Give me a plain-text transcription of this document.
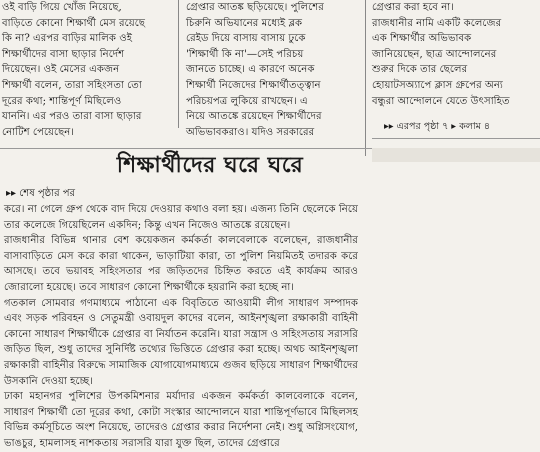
ওই বাড়ি গিয়ে খোঁজ নিয়েছে,

বাড়িতে কোনো শিক্ষার্থী মেস রয়েছে

কি না? এরপর বাড়ির মালিক ওই

শিক্ষার্থীদের বাসা ছাড়ার নির্দেশ

দিয়েছেন। ওই মেসের একজন

শিক্ষার্থী বলেন, তারা সহিংসতা তো

দূরের কথা; শান্তিপূর্ণ মিছিলেও

যাননি। এর পরও তারা বাসা ছাড়ার

নোটিশ পেয়েছেন।

গ্রেপ্তার আতঙ্ক ছড়িয়েছে। পুলিশের

চিরুনি অভিযানের মধ্যেই ব্লক

রেইড দিয়ে বাসায় বাসায় ঢুকে

'শিক্ষার্থী কি না'—সেই পরিচয়

জানতে চাচ্ছে। এ কারণে অনেক

শিক্ষার্থী নিজেদের শিক্ষার্থীতত্ত্বান

পরিচয়পত্র লুকিয়ে রাখছেন। এ

নিয়ে আতঙ্কে রয়েছেন শিক্ষার্থীদের

অভিভাবকরাও। যদিও সরকারের

গ্রেপ্তার করা হবে না।

রাজধানীর নামি একটি কলেজের

এক শিক্ষার্থীর অভিভাবক

জানিয়েছেন, ছাত্র আন্দোলনের

শুরুর দিকে তার ছেলের

হোয়াটসঅ্যাপে ক্লাস গ্রুপের অন্য

বন্ধুরা আন্দোলনে যেতে উৎসাহিত

▸▸ এরপর পৃষ্ঠা ৭ ▸ কলাম ৪
শিক্ষার্থীদের ঘরে ঘরে
▸▸ শেষ পৃষ্ঠার পর

করে। না গেলে গ্রুপ থেকে বাদ দিয়ে দেওয়ার কথাও বলা হয়। এজন্য তিনি ছেলেকে নিয়ে তার কলেজে গিয়েছিলেন একদিন; কিন্তু এখন নিজেও আতঙ্কে রয়েছেন।

রাজধানীর বিভিন্ন থানার বেশ কয়েকজন কর্মকর্তা কালবেলাকে বলেছেন, রাজধানীর বাসাবাড়িতে মেস করে কারা থাকেন, ভাড়াটিয়া কারা, তা পুলিশ নিয়মিতই তদারক করে আসছে। তবে ভয়াবহ সহিংসতার পর জড়িতদের চিহ্নিত করতে এই কার্যক্রম আরও জোরালো হয়েছে। তবে সাধারণ কোনো শিক্ষার্থীকে হয়রানি করা হচ্ছে না।

গতকাল সোমবার গণমাধ্যমে পাঠানো এক বিবৃতিতে আওয়ামী লীগ সাধারণ সম্পাদক এবং সড়ক পরিবহন ও সেতুমন্ত্রী ওবায়দুল কাদের বলেন, আইনশৃঙ্খলা রক্ষাকারী বাহিনী কোনো সাধারণ শিক্ষার্থীকে গ্রেপ্তার বা নির্যাতন করেনি। যারা সন্ত্রাস ও সহিংসতায় সরাসরি জড়িত ছিল, শুধু তাদের সুনির্দিষ্ট তথ্যের ভিত্তিতে গ্রেপ্তার করা হচ্ছে। অথচ আইনশৃঙ্খলা রক্ষাকারী বাহিনীর বিরুদ্ধে সামাজিক যোগাযোগমাধ্যমে গুজব ছড়িয়ে সাধারণ শিক্ষার্থীদের উসকানি দেওয়া হচ্ছে।

ঢাকা মহানগর পুলিশের উপকমিশনার মর্যাদার একজন কর্মকর্তা কালবেলাকে বলেন, সাধারণ শিক্ষার্থী তো দূরের কথা, কোটা সংস্কার আন্দোলনে যারা শান্তিপূর্ণভাবে মিছিলসহ বিভিন্ন কর্মসূচিতে অংশ নিয়েছে, তাদেরও গ্রেপ্তার করার নির্দেশনা নেই। শুধু অগ্নিসংযোগ, ভাঙচুর, হামলাসহ নাশকতায় সরাসরি যারা যুক্ত ছিল, তাদের গ্রেপ্তারে
